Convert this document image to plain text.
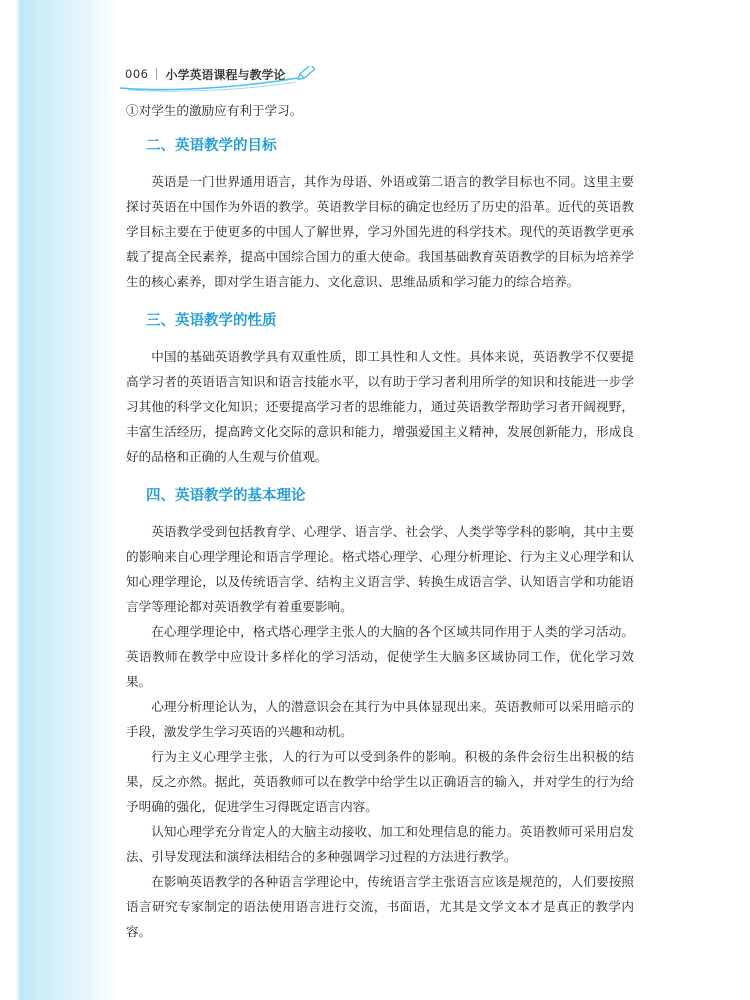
006 小学英语课程与教学论

①对学生的激励应有利于学习。

二、英语教学的目标

英语是一门世界通用语言，其作为母语、外语或第二语言的教学目标也不同。这里主要探讨英语在中国作为外语的教学。英语教学目标的确定也经历了历史的沿革。近代的英语教学目标主要在于使更多的中国人了解世界，学习外国先进的科学技术。现代的英语教学更承载了提高全民素养，提高中国综合国力的重大使命。我国基础教育英语教学的目标为培养学生的核心素养，即对学生语言能力、文化意识、思维品质和学习能力的综合培养。

三、英语教学的性质

中国的基础英语教学具有双重性质，即工具性和人文性。具体来说，英语教学不仅要提高学习者的英语语言知识和语言技能水平，以有助于学习者利用所学的知识和技能进一步学习其他的科学文化知识；还要提高学习者的思维能力，通过英语教学帮助学习者开阔视野，丰富生活经历，提高跨文化交际的意识和能力，增强爱国主义精神，发展创新能力，形成良好的品格和正确的人生观与价值观。

四、英语教学的基本理论

英语教学受到包括教育学、心理学、语言学、社会学、人类学等学科的影响，其中主要的影响来自心理学理论和语言学理论。格式塔心理学、心理分析理论、行为主义心理学和认知心理学理论，以及传统语言学、结构主义语言学、转换生成语言学、认知语言学和功能语言学等理论都对英语教学有着重要影响。

在心理学理论中，格式塔心理学主张人的大脑的各个区域共同作用于人类的学习活动。英语教师在教学中应设计多样化的学习活动，促使学生大脑多区域协同工作，优化学习效果。

心理分析理论认为，人的潜意识会在其行为中具体显现出来。英语教师可以采用暗示的手段，激发学生学习英语的兴趣和动机。

行为主义心理学主张，人的行为可以受到条件的影响。积极的条件会衍生出积极的结果，反之亦然。据此，英语教师可以在教学中给学生以正确语言的输入，并对学生的行为给予明确的强化，促进学生习得既定语言内容。

认知心理学充分肯定人的大脑主动接收、加工和处理信息的能力。英语教师可采用启发法、引导发现法和演绎法相结合的多种强调学习过程的方法进行教学。

在影响英语教学的各种语言学理论中，传统语言学主张语言应该是规范的，人们要按照语言研究专家制定的语法使用语言进行交流，书面语，尤其是文学文本才是真正的教学内容。
